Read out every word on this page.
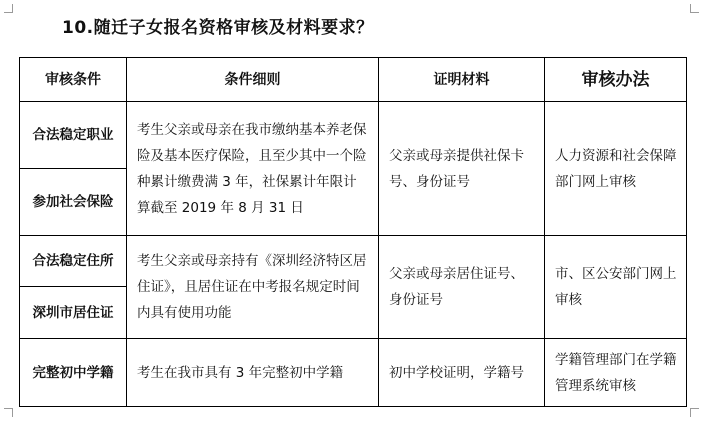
10.随迁子女报名资格审核及材料要求？
审核条件	条件细则	证明材料	审核办法
合法稳定职业	考生父亲或母亲在我市缴纳基本养老保险及基本医疗保险，且至少其中一个险种累计缴费满 3 年，社保累计年限计算截至 2019 年 8 月 31 日	父亲或母亲提供社保卡号、身份证号	人力资源和社会保障部门网上审核
参加社会保险			
合法稳定住所	考生父亲或母亲持有《深圳经济特区居住证》，且居住证在中考报名规定时间内具有使用功能	父亲或母亲居住证号、身份证号	市、区公安部门网上审核
深圳市居住证			
完整初中学籍	考生在我市具有 3 年完整初中学籍	初中学校证明，学籍号	学籍管理部门在学籍管理系统审核
